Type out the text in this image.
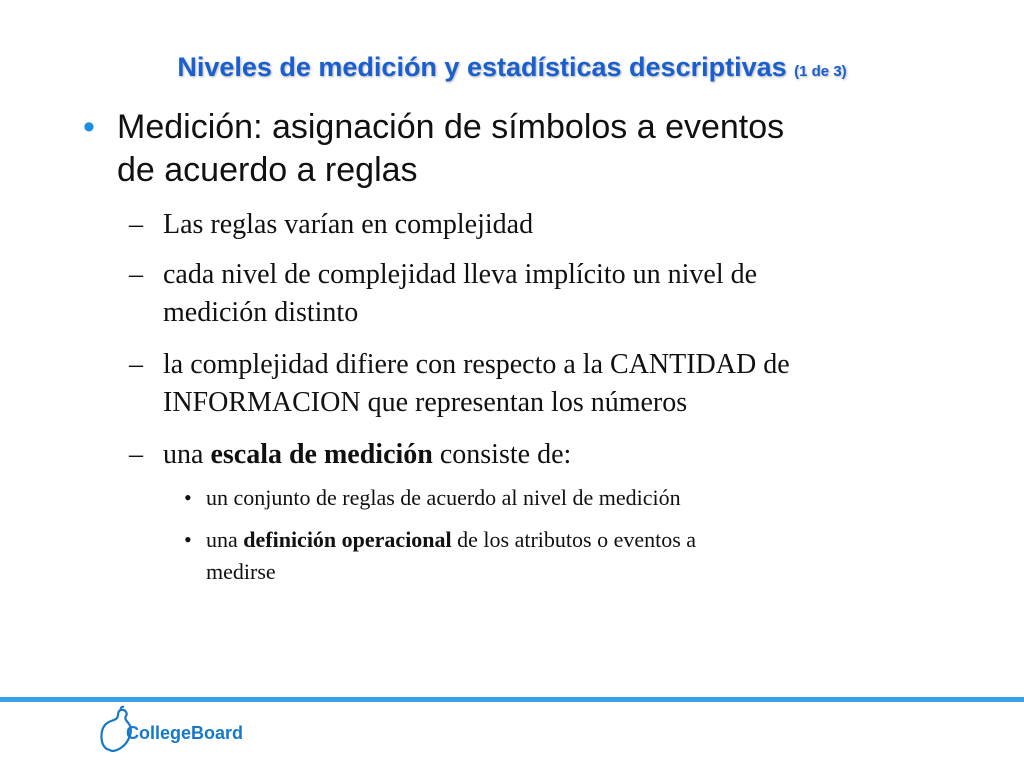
Niveles de medición y estadísticas descriptivas (1 de 3)
• Medición: asignación de símbolos a eventos
de acuerdo a reglas
– Las reglas varían en complejidad
– cada nivel de complejidad lleva implícito un nivel de
medición distinto
– la complejidad difiere con respecto a la CANTIDAD de
INFORMACION que representan los números
– una escala de medición consiste de:
• un conjunto de reglas de acuerdo al nivel de medición
• una definición operacional de los atributos o eventos a
medirse
CollegeBoard
